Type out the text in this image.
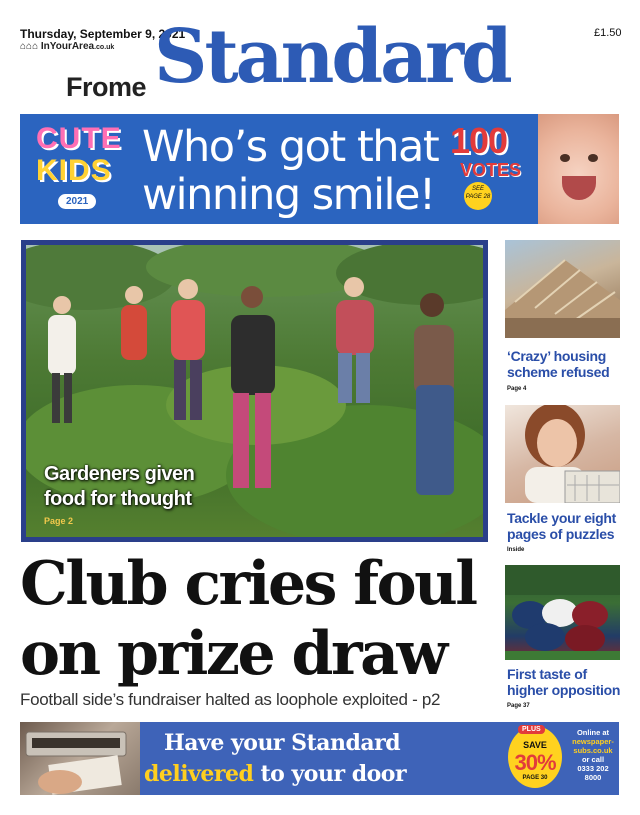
Thursday, September 9, 2021
⌂⌂⌂ InYourArea.co.uk
£1.50
Frome Standard
CUTE
KIDS
2021
Who’s got that
winning smile!
100
VOTES
SEE PAGE 28
Gardeners given
food for thought
Page 2
Club cries foul
on prize draw
Football side’s fundraiser halted as loophole exploited - p2
‘Crazy’ housing
scheme refused
Page 4
Tackle your eight
pages of puzzles
Inside
First taste of
higher opposition
Page 37
Have your Standard
delivered to your door
PLUS
SAVE
30%
PAGE 30
Online at
newspaper-subs.co.uk
or call
0333 202 8000
